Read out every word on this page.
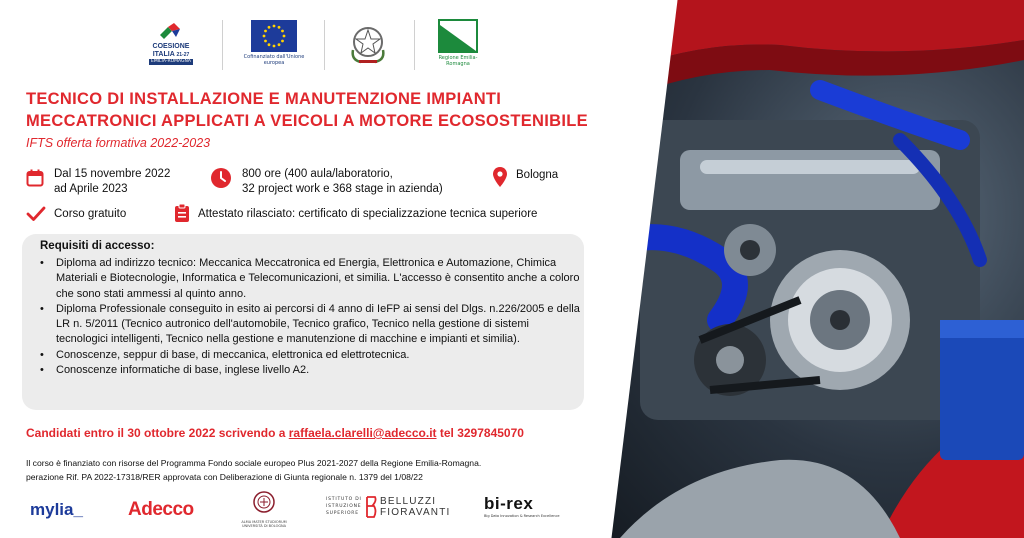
COESIONE
ITALIA 21-27
EMILIA-ROMAGNA
Cofinanziato dall'Unione europea
Regione Emilia-Romagna
TECNICO DI INSTALLAZIONE E MANUTENZIONE IMPIANTI
MECCATRONICI APPLICATI A VEICOLI A MOTORE ECOSOSTENIBILE
IFTS offerta formativa 2022-2023
Dal 15 novembre 2022
ad Aprile 2023
800 ore (400 aula/laboratorio,
32 project work e 368 stage in azienda)
Bologna
Corso gratuito	Attestato rilasciato: certificato di specializzazione tecnica superiore
Requisiti di accesso:
• Diploma ad indirizzo tecnico: Meccanica Meccatronica ed Energia, Elettronica e Automazione, Chimica Materiali e Biotecnologie, Informatica e Telecomunicazioni, et similia. L'accesso è consentito anche a coloro che sono stati ammessi al quinto anno.
• Diploma Professionale conseguito in esito ai percorsi di 4 anno di IeFP ai sensi del Dlgs. n.226/2005 e della LR n. 5/2011 (Tecnico autronico dell'automobile, Tecnico grafico, Tecnico nella gestione di sistemi tecnologici intelligenti, Tecnico nella gestione e manutenzione di macchine e impianti et similia).
• Conoscenze, seppur di base, di meccanica, elettronica ed elettrotecnica.
• Conoscenze informatiche di base, inglese livello A2.
Candidati entro il 30 ottobre 2022 scrivendo a raffaela.clarelli@adecco.it tel 3297845070
Il corso è finanziato con risorse del Programma Fondo sociale europeo Plus 2021-2027 della Regione Emilia-Romagna.
perazione Rif. PA 2022-17318/RER approvata con Deliberazione di Giunta regionale n. 1379 del 1/08/22
mylia_ Adecco
ALMA MATER STUDIORUM UNIVERSITÀ DI BOLOGNA
ISTITUTO DI
ISTRUZIONE
SUPERIORE
BELLUZZI
FIORAVANTI bi-rex
Big Data Innovation & Research Excellence
